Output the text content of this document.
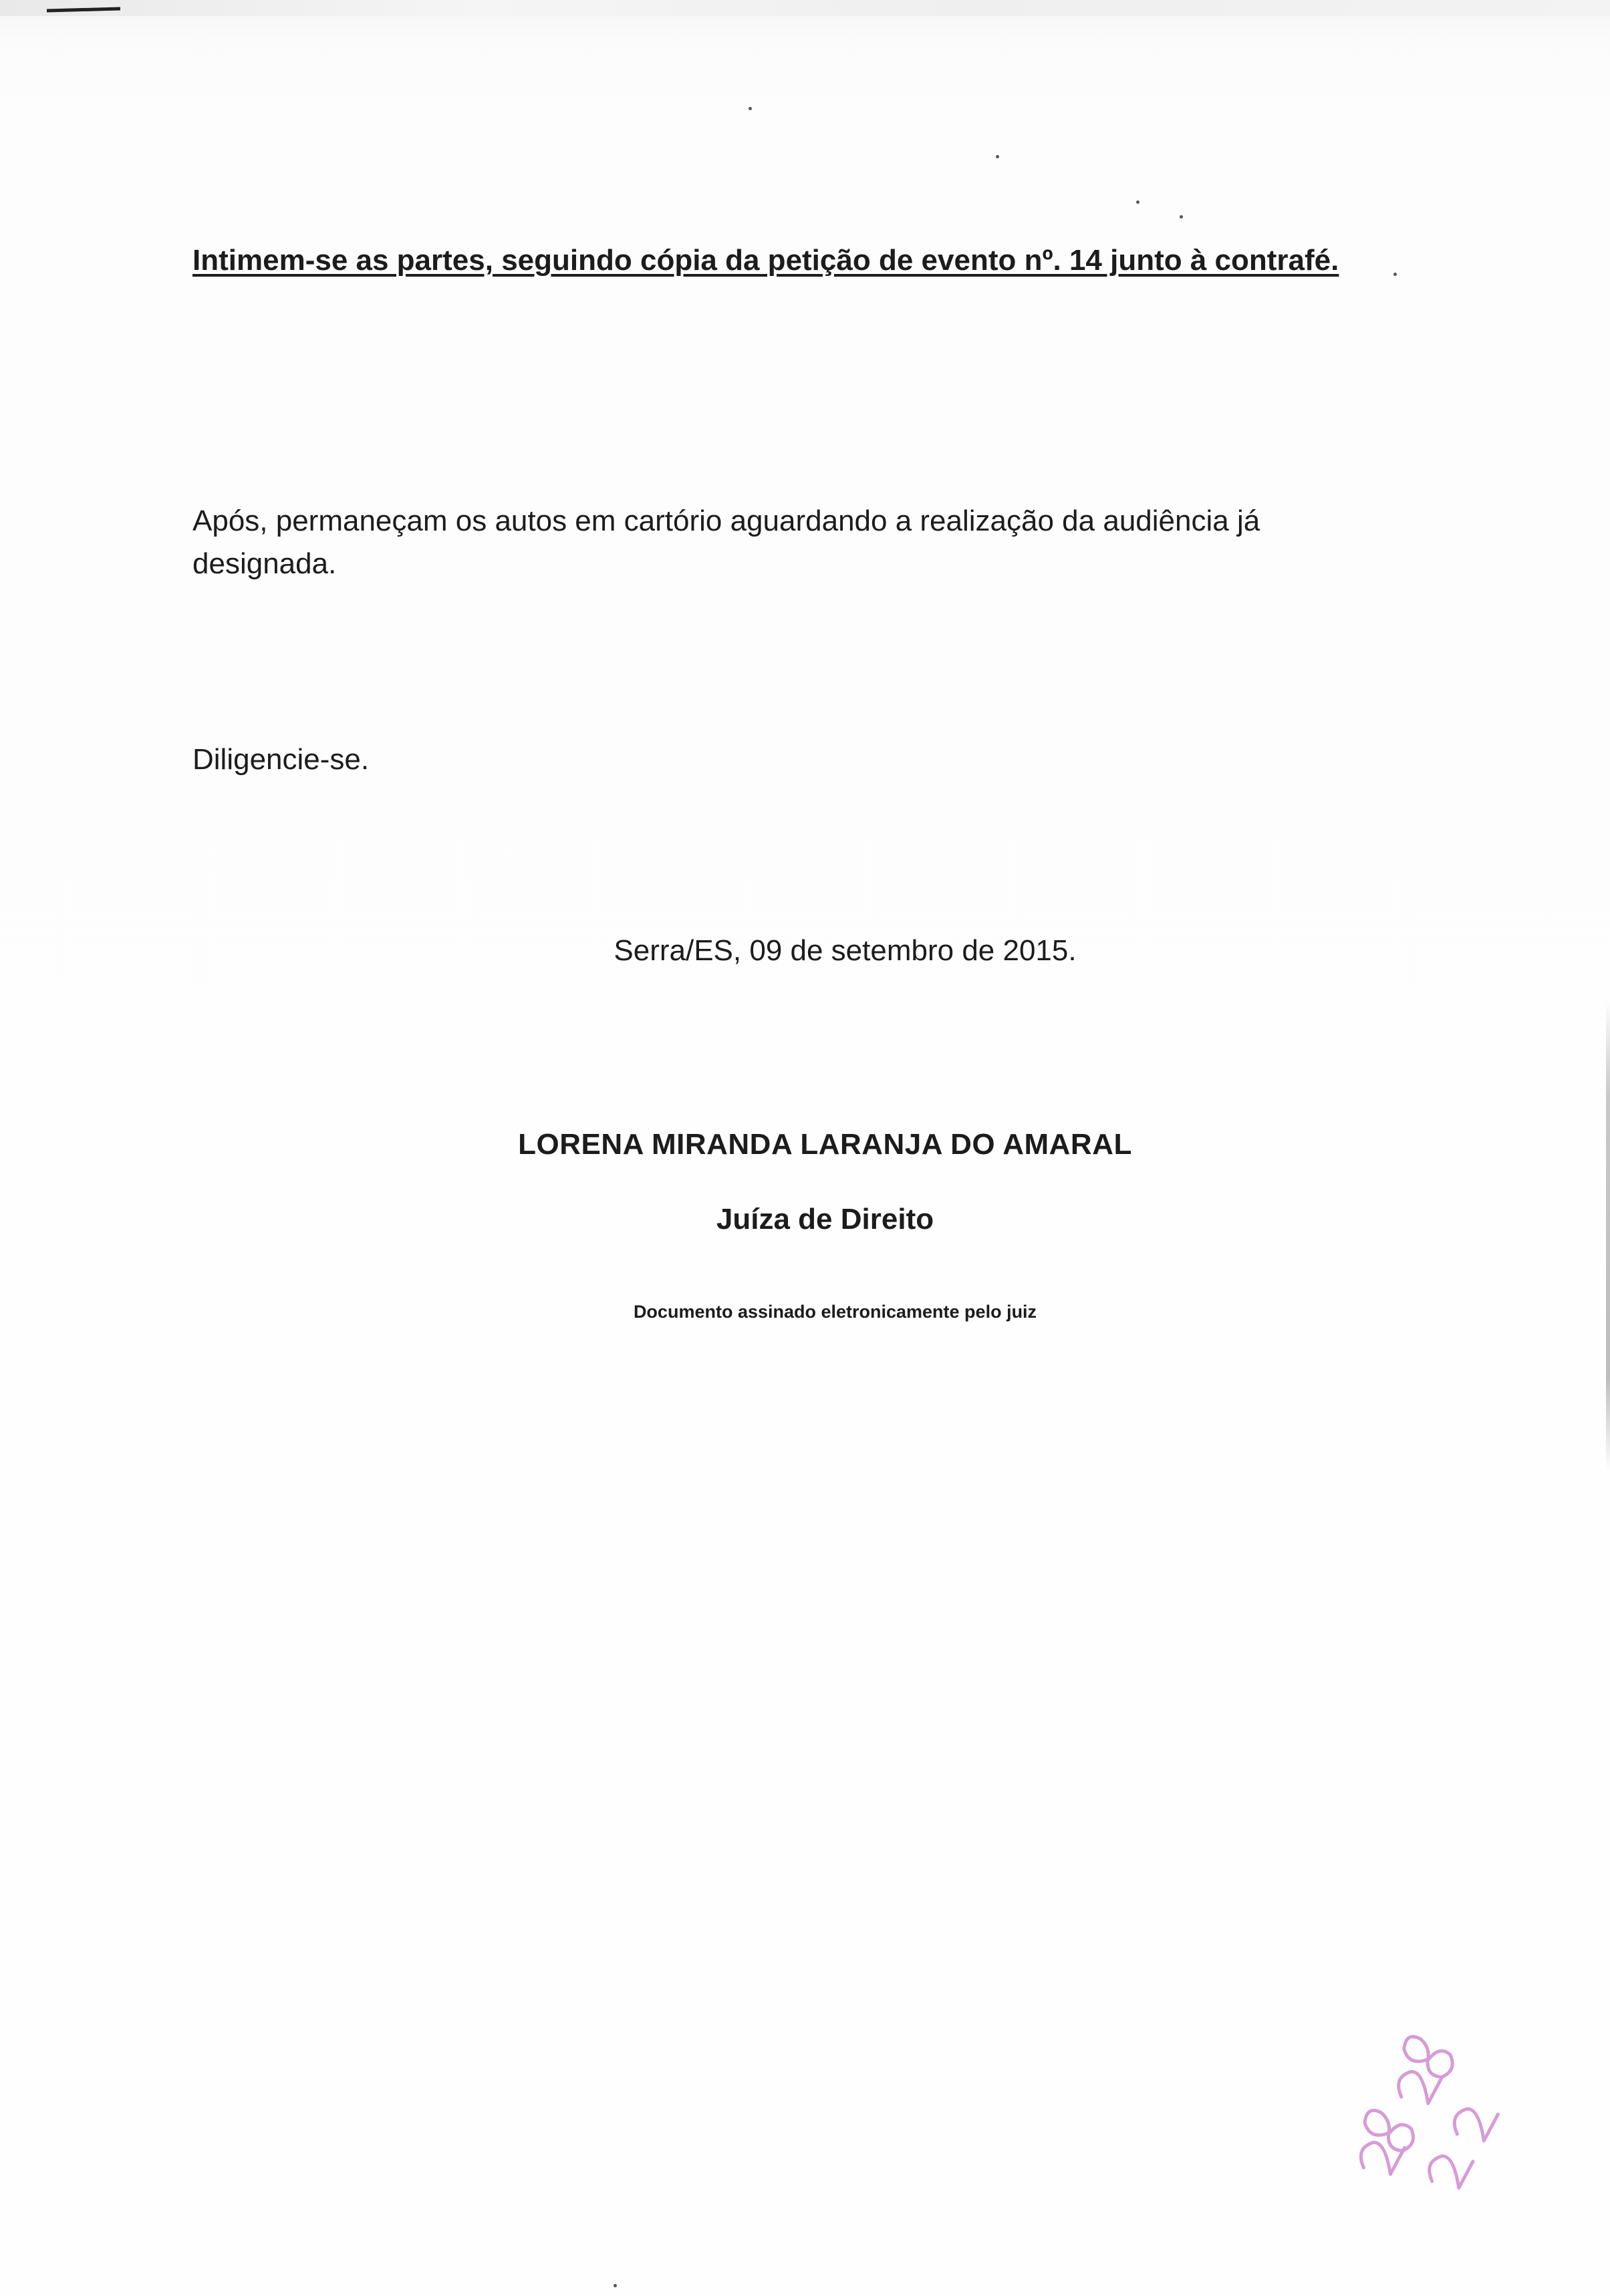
Intimem-se as partes, seguindo cópia da petição de evento nº. 14 junto à contrafé.
Após, permaneçam os autos em cartório aguardando a realização da audiência já designada.
Diligencie-se.
Serra/ES, 09 de setembro de 2015.
LORENA MIRANDA LARANJA DO AMARAL
Juíza de Direito
Documento assinado eletronicamente pelo juiz
